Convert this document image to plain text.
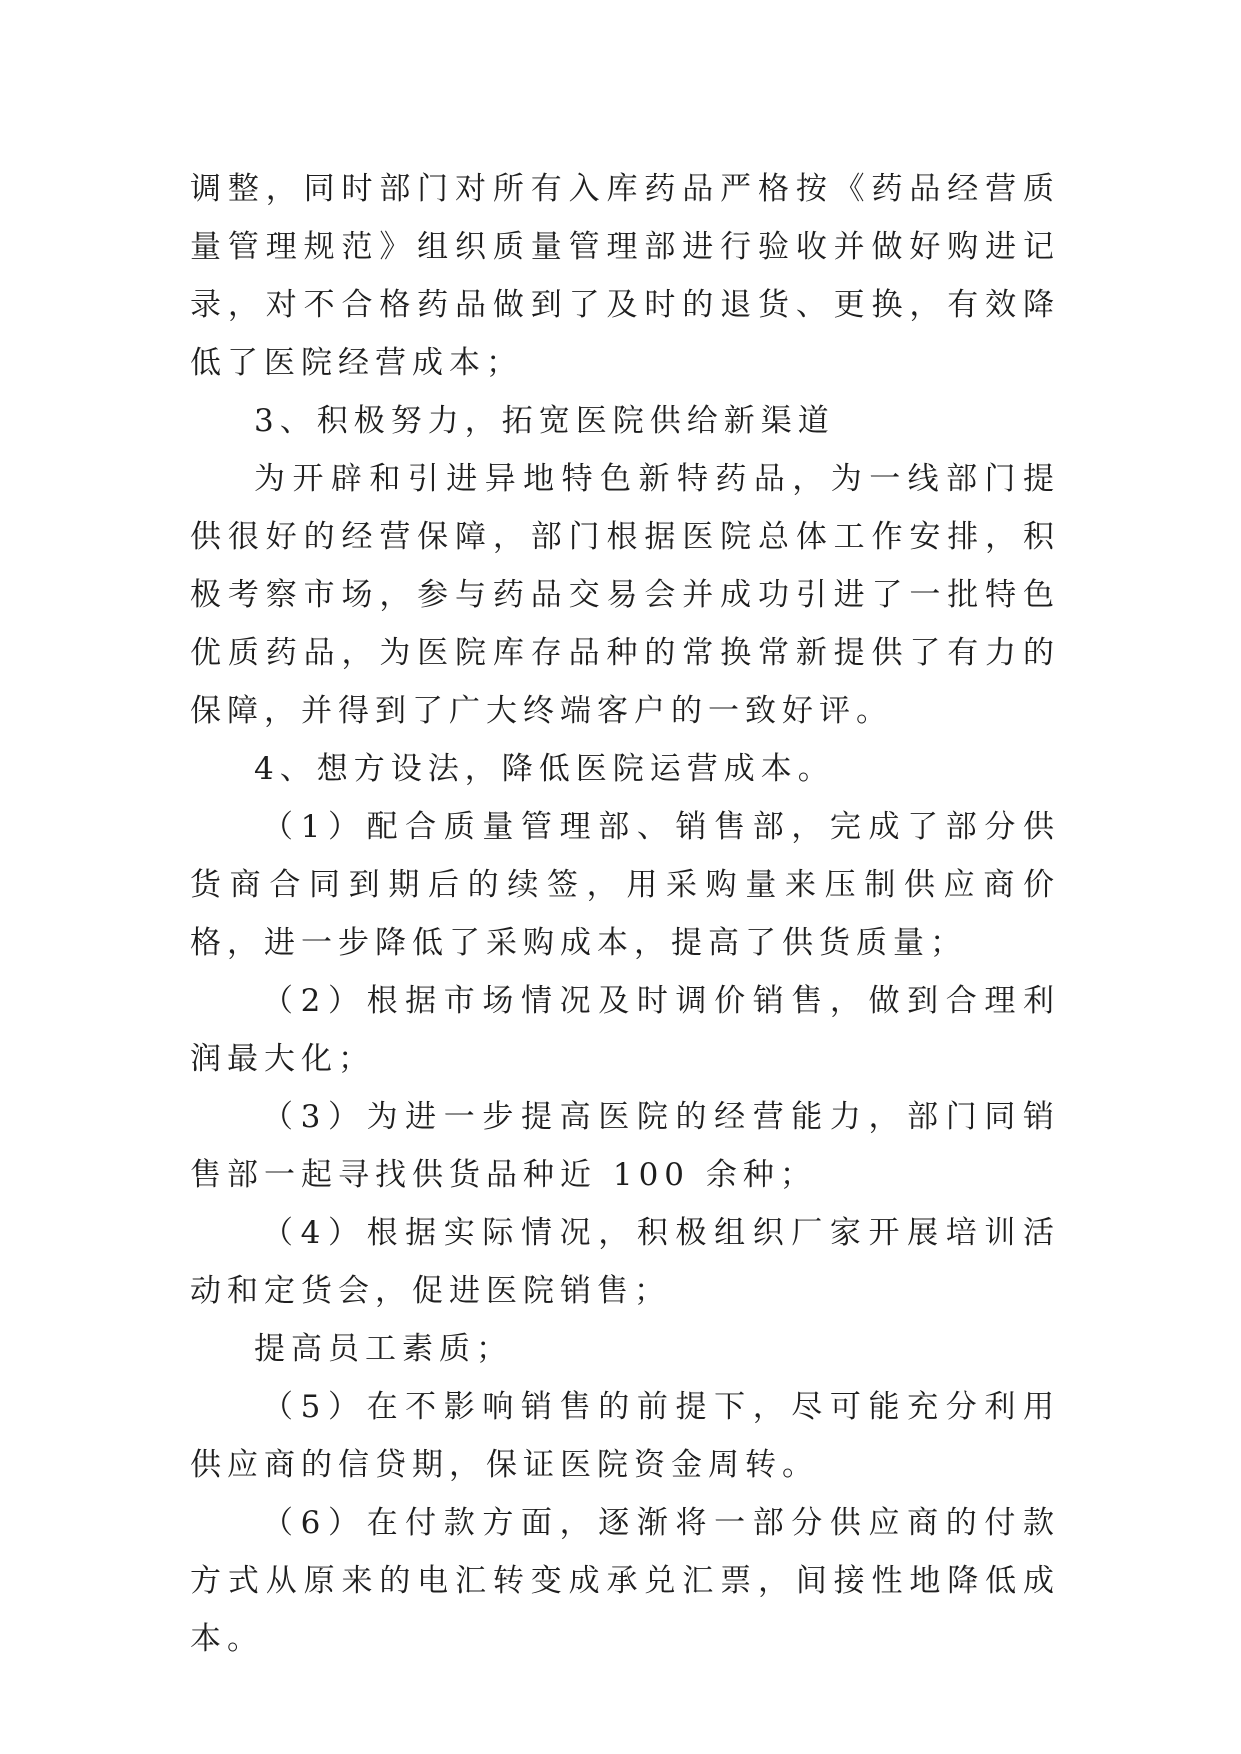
调整，同时部门对所有入库药品严格按《药品经营质量管理规范》组织质量管理部进行验收并做好购进记录，对不合格药品做到了及时的退货、更换，有效降低了医院经营成本；

3、积极努力，拓宽医院供给新渠道

为开辟和引进异地特色新特药品，为一线部门提供很好的经营保障，部门根据医院总体工作安排，积极考察市场，参与药品交易会并成功引进了一批特色优质药品，为医院库存品种的常换常新提供了有力的保障，并得到了广大终端客户的一致好评。

4、想方设法，降低医院运营成本。

（1）配合质量管理部、销售部，完成了部分供货商合同到期后的续签，用采购量来压制供应商价格，进一步降低了采购成本，提高了供货质量；

（2）根据市场情况及时调价销售，做到合理利润最大化；

（3）为进一步提高医院的经营能力，部门同销售部一起寻找供货品种近 100 余种；

（4）根据实际情况，积极组织厂家开展培训活动和定货会，促进医院销售；

提高员工素质；

（5）在不影响销售的前提下，尽可能充分利用供应商的信贷期，保证医院资金周转。

（6）在付款方面，逐渐将一部分供应商的付款方式从原来的电汇转变成承兑汇票，间接性地降低成本。
